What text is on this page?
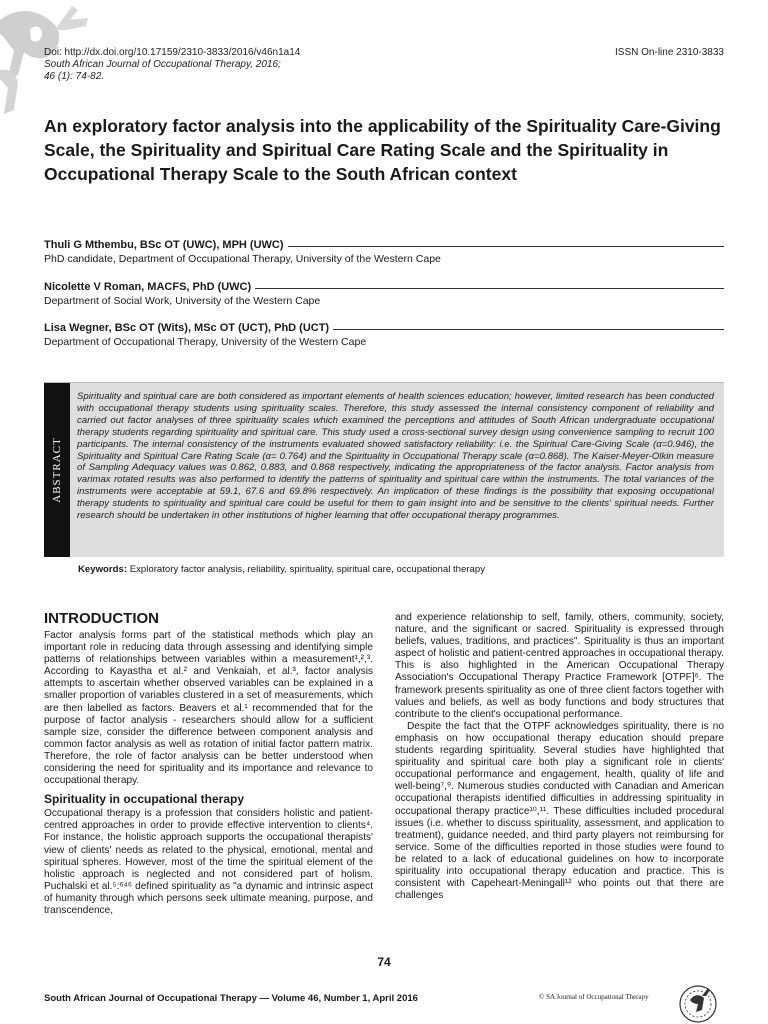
Doi: http://dx.doi.org/10.17159/2310-3833/2016/v46n1a14
South African Journal of Occupational Therapy, 2016;
46 (1): 74-82.
ISSN On-line 2310-3833
An exploratory factor analysis into the applicability of the Spirituality Care-Giving Scale, the Spirituality and Spiritual Care Rating Scale and the Spirituality in Occupational Therapy Scale to the South African context
Thuli G Mthembu, BSc OT (UWC), MPH (UWC)
PhD candidate, Department of Occupational Therapy, University of the Western Cape
Nicolette V Roman, MACFS, PhD (UWC)
Department of Social Work, University of the Western Cape
Lisa Wegner, BSc OT (Wits), MSc OT (UCT), PhD (UCT)
Department of Occupational Therapy, University of the Western Cape
ABSTRACT
Spirituality and spiritual care are both considered as important elements of health sciences education; however, limited research has been conducted with occupational therapy students using spirituality scales. Therefore, this study assessed the internal consistency component of reliability and carried out factor analyses of three spirituality scales which examined the perceptions and attitudes of South African undergraduate occupational therapy students regarding spirituality and spiritual care. This study used a cross-sectional survey design using convenience sampling to recruit 100 participants. The internal consistency of the instruments evaluated showed satisfactory reliability: i.e. the Spiritual Care-Giving Scale (α=0.946), the Spirituality and Spiritual Care Rating Scale (α= 0.764) and the Spirituality in Occupational Therapy scale (α=0.868). The Kaiser-Meyer-Olkin measure of Sampling Adequacy values was 0.862, 0.883, and 0.868 respectively, indicating the appropriateness of the factor analysis. Factor analysis from varimax rotated results was also performed to identify the patterns of spirituality and spiritual care within the instruments. The total variances of the instruments were acceptable at 59.1, 67.6 and 69.8% respectively. An implication of these findings is the possibility that exposing occupational therapy students to spirituality and spiritual care could be useful for them to gain insight into and be sensitive to the clients' spiritual needs. Further research should be undertaken in other institutions of higher learning that offer occupational therapy programmes.
Keywords: Exploratory factor analysis, reliability, spirituality, spiritual care, occupational therapy
INTRODUCTION

Factor analysis forms part of the statistical methods which play an important role in reducing data through assessing and identifying simple patterns of relationships between variables within a measurement¹,²,³. According to Kayastha et al.² and Venkaiah, et al.³, factor analysis attempts to ascertain whether observed variables can be explained in a smaller proportion of variables clustered in a set of measurements, which are then labelled as factors. Beavers et al.¹ recommended that for the purpose of factor analysis - researchers should allow for a sufficient sample size, consider the difference between component analysis and common factor analysis as well as rotation of initial factor pattern matrix. Therefore, the role of factor analysis can be better understood when considering the need for spirituality and its importance and relevance to occupational therapy.

Spirituality in occupational therapy

Occupational therapy is a profession that considers holistic and patient-centred approaches in order to provide effective intervention to clients⁴. For instance, the holistic approach supports the occupational therapists' view of clients' needs as related to the physical, emotional, mental and spiritual spheres. However, most of the time the spiritual element of the holistic approach is neglected and not considered part of holism. Puchalski et al.⁵:⁶⁴⁶ defined spirituality as "a dynamic and intrinsic aspect of humanity through which persons seek ultimate meaning, purpose, and transcendence,

and experience relationship to self, family, others, community, society, nature, and the significant or sacred. Spirituality is expressed through beliefs, values, traditions, and practices". Spirituality is thus an important aspect of holistic and patient-centred approaches in occupational therapy. This is also highlighted in the American Occupational Therapy Association's Occupational Therapy Practice Framework [OTPF]⁶. The framework presents spirituality as one of three client factors together with values and beliefs, as well as body functions and body structures that contribute to the client's occupational performance.

Despite the fact that the OTPF acknowledges spirituality, there is no emphasis on how occupational therapy education should prepare students regarding spirituality. Several studies have highlighted that spirituality and spiritual care both play a significant role in clients' occupational performance and engagement, health, quality of life and well-being⁷,⁹. Numerous studies conducted with Canadian and American occupational therapists identified difficulties in addressing spirituality in occupational therapy practice¹⁰,¹¹. These difficulties included procedural issues (i.e. whether to discuss spirituality, assessment, and application to treatment), guidance needed, and third party players not reimbursing for service. Some of the difficulties reported in those studies were found to be related to a lack of educational guidelines on how to incorporate spirituality into occupational therapy education and practice. This is consistent with Capeheart-Meningall¹² who points out that there are challenges

74
South African Journal of Occupational Therapy — Volume 46, Number 1, April 2016	© SA Journal of Occupational Therapy
